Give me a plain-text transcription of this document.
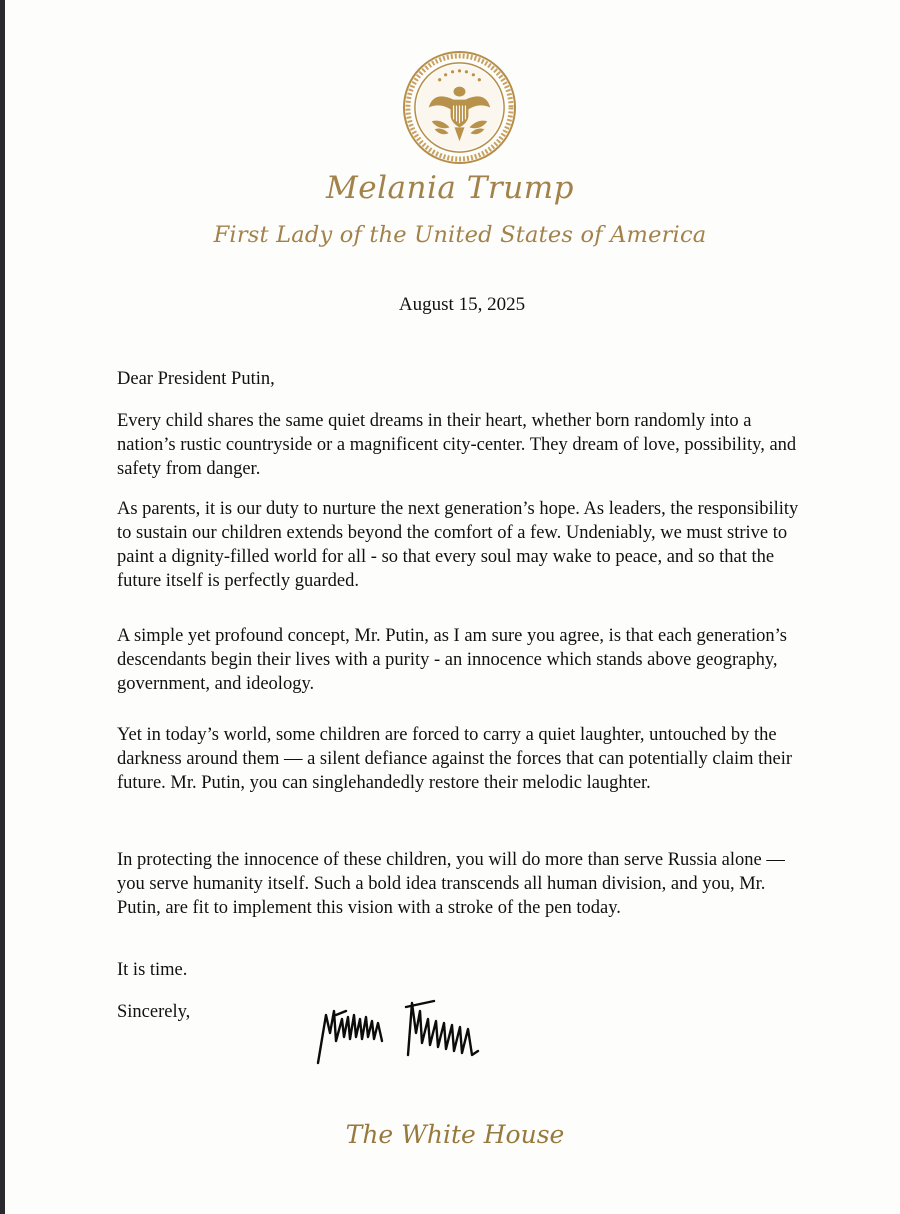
Melania Trump
First Lady of the United States of America
August 15, 2025

Dear President Putin,

Every child shares the same quiet dreams in their heart, whether born randomly into a nation’s rustic countryside or a magnificent city-center. They dream of love, possibility, and safety from danger.

As parents, it is our duty to nurture the next generation’s hope. As leaders, the responsibility to sustain our children extends beyond the comfort of a few. Undeniably, we must strive to paint a dignity-filled world for all - so that every soul may wake to peace, and so that the future itself is perfectly guarded.

A simple yet profound concept, Mr. Putin, as I am sure you agree, is that each generation’s descendants begin their lives with a purity - an innocence which stands above geography, government, and ideology.

Yet in today’s world, some children are forced to carry a quiet laughter, untouched by the darkness around them — a silent defiance against the forces that can potentially claim their future. Mr. Putin, you can singlehandedly restore their melodic laughter.

In protecting the innocence of these children, you will do more than serve Russia alone — you serve humanity itself. Such a bold idea transcends all human division, and you, Mr. Putin, are fit to implement this vision with a stroke of the pen today.

It is time.

Sincerely,

The White House
